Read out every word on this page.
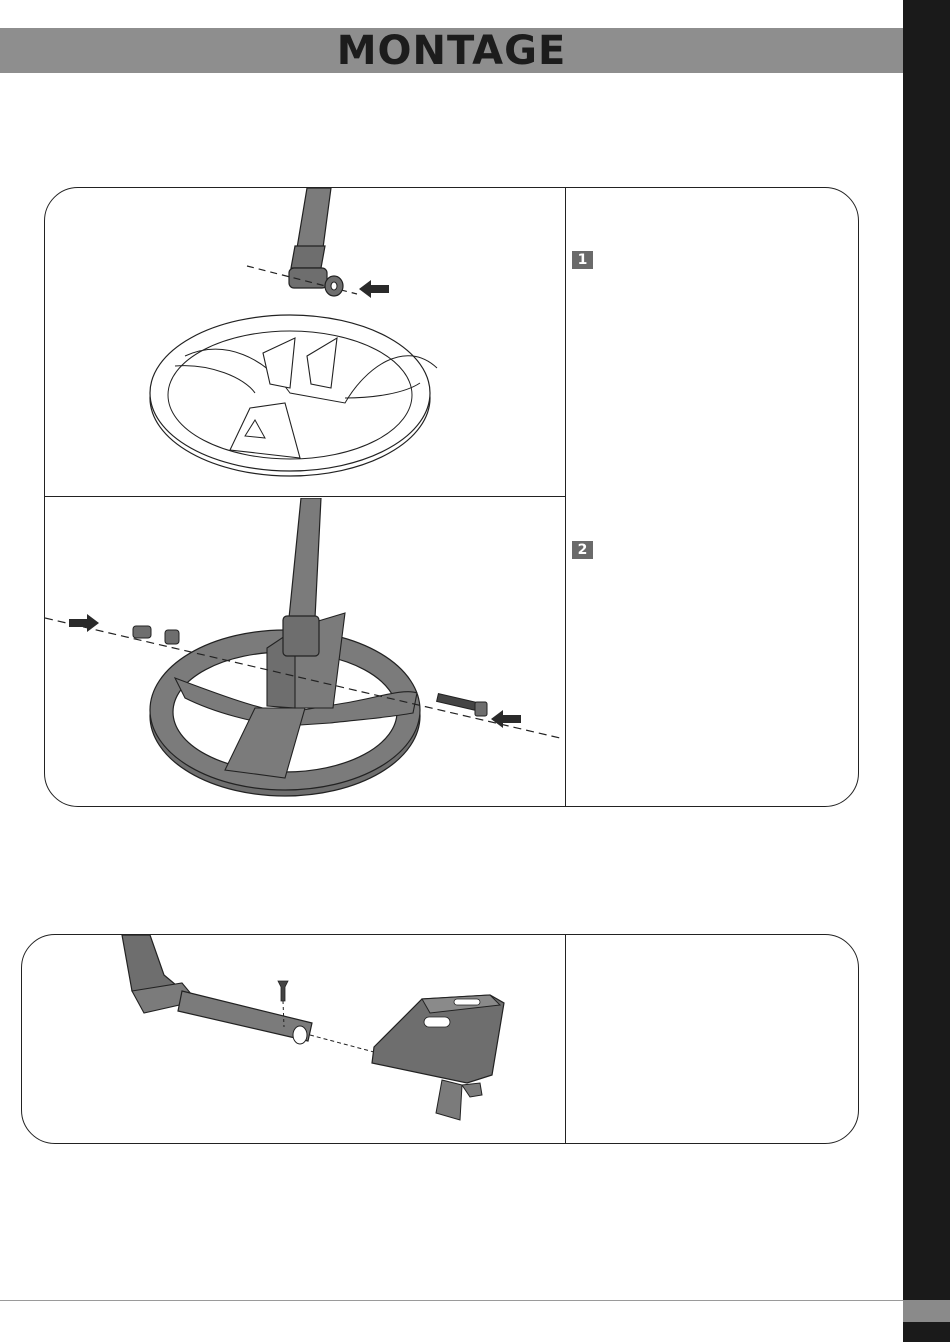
MONTAGE
1
2
